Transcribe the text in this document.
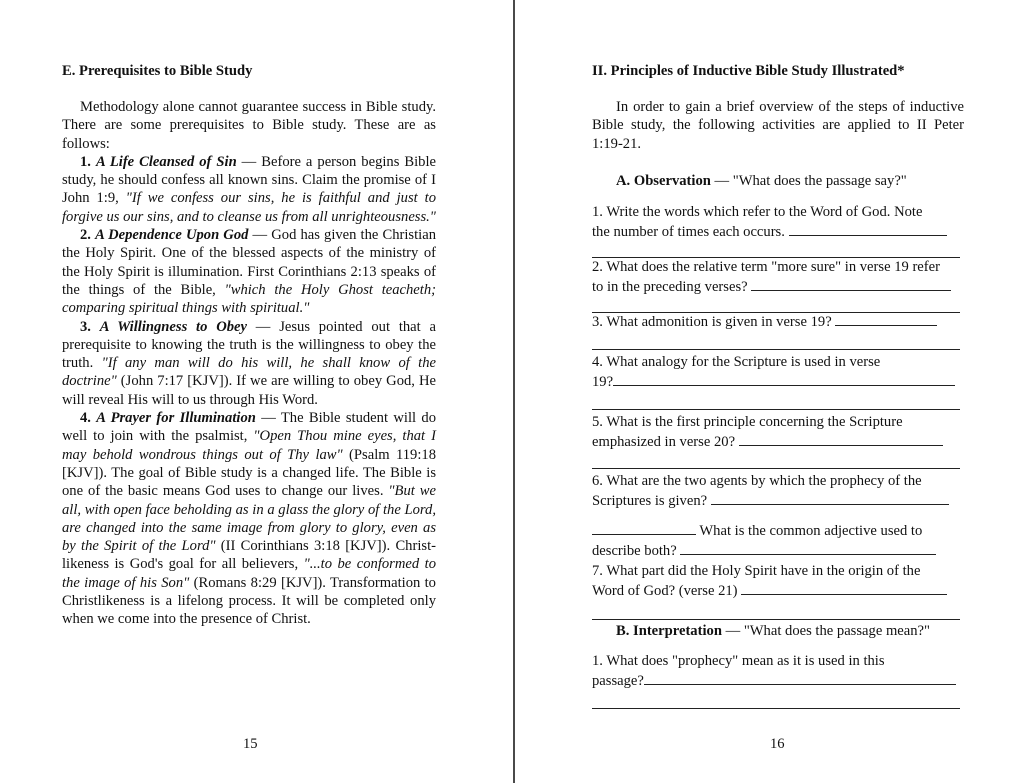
E. Prerequisites to Bible Study

Methodology alone cannot guarantee success in Bible study. There are some prerequisites to Bible study. These are as follows:

1. A Life Cleansed of Sin — Before a person begins Bible study, he should confess all known sins. Claim the promise of I John 1:9, "If we confess our sins, he is faithful and just to forgive us our sins, and to cleanse us from all unrighteousness."

2. A Dependence Upon God — God has given the Christian the Holy Spirit. One of the blessed aspects of the ministry of the Holy Spirit is illumination. First Corinthians 2:13 speaks of the things of the Bible, "which the Holy Ghost teacheth; comparing spiritual things with spiritual."

3. A Willingness to Obey — Jesus pointed out that a prerequisite to knowing the truth is the willingness to obey the truth. "If any man will do his will, he shall know of the doctrine" (John 7:17 [KJV]). If we are willing to obey God, He will reveal His will to us through His Word.

4. A Prayer for Illumination — The Bible student will do well to join with the psalmist, "Open Thou mine eyes, that I may behold wondrous things out of Thy law" (Psalm 119:18 [KJV]). The goal of Bible study is a changed life. The Bible is one of the basic means God uses to change our lives. "But we all, with open face beholding as in a glass the glory of the Lord, are changed into the same image from glory to glory, even as by the Spirit of the Lord" (II Corinthians 3:18 [KJV]). Christ-likeness is God's goal for all believers, "...to be conformed to the image of his Son" (Romans 8:29 [KJV]). Transformation to Christlikeness is a lifelong process. It will be completed only when we come into the presence of Christ.

15
II. Principles of Inductive Bible Study Illustrated*
In order to gain a brief overview of the steps of inductive Bible study, the following activities are applied to II Peter 1:19-21.
A. Observation — "What does the passage say?"
1. Write the words which refer to the Word of God. Note
the number of times each occurs.
2. What does the relative term "more sure" in verse 19 refer
to in the preceding verses?
3. What admonition is given in verse 19?
4. What analogy for the Scripture is used in verse
19?
5. What is the first principle concerning the Scripture
emphasized in verse 20?
6. What are the two agents by which the prophecy of the
Scriptures is given?
What is the common adjective used to
describe both?
7. What part did the Holy Spirit have in the origin of the
Word of God? (verse 21)
B. Interpretation — "What does the passage mean?"
1. What does "prophecy" mean as it is used in this
passage?
16
